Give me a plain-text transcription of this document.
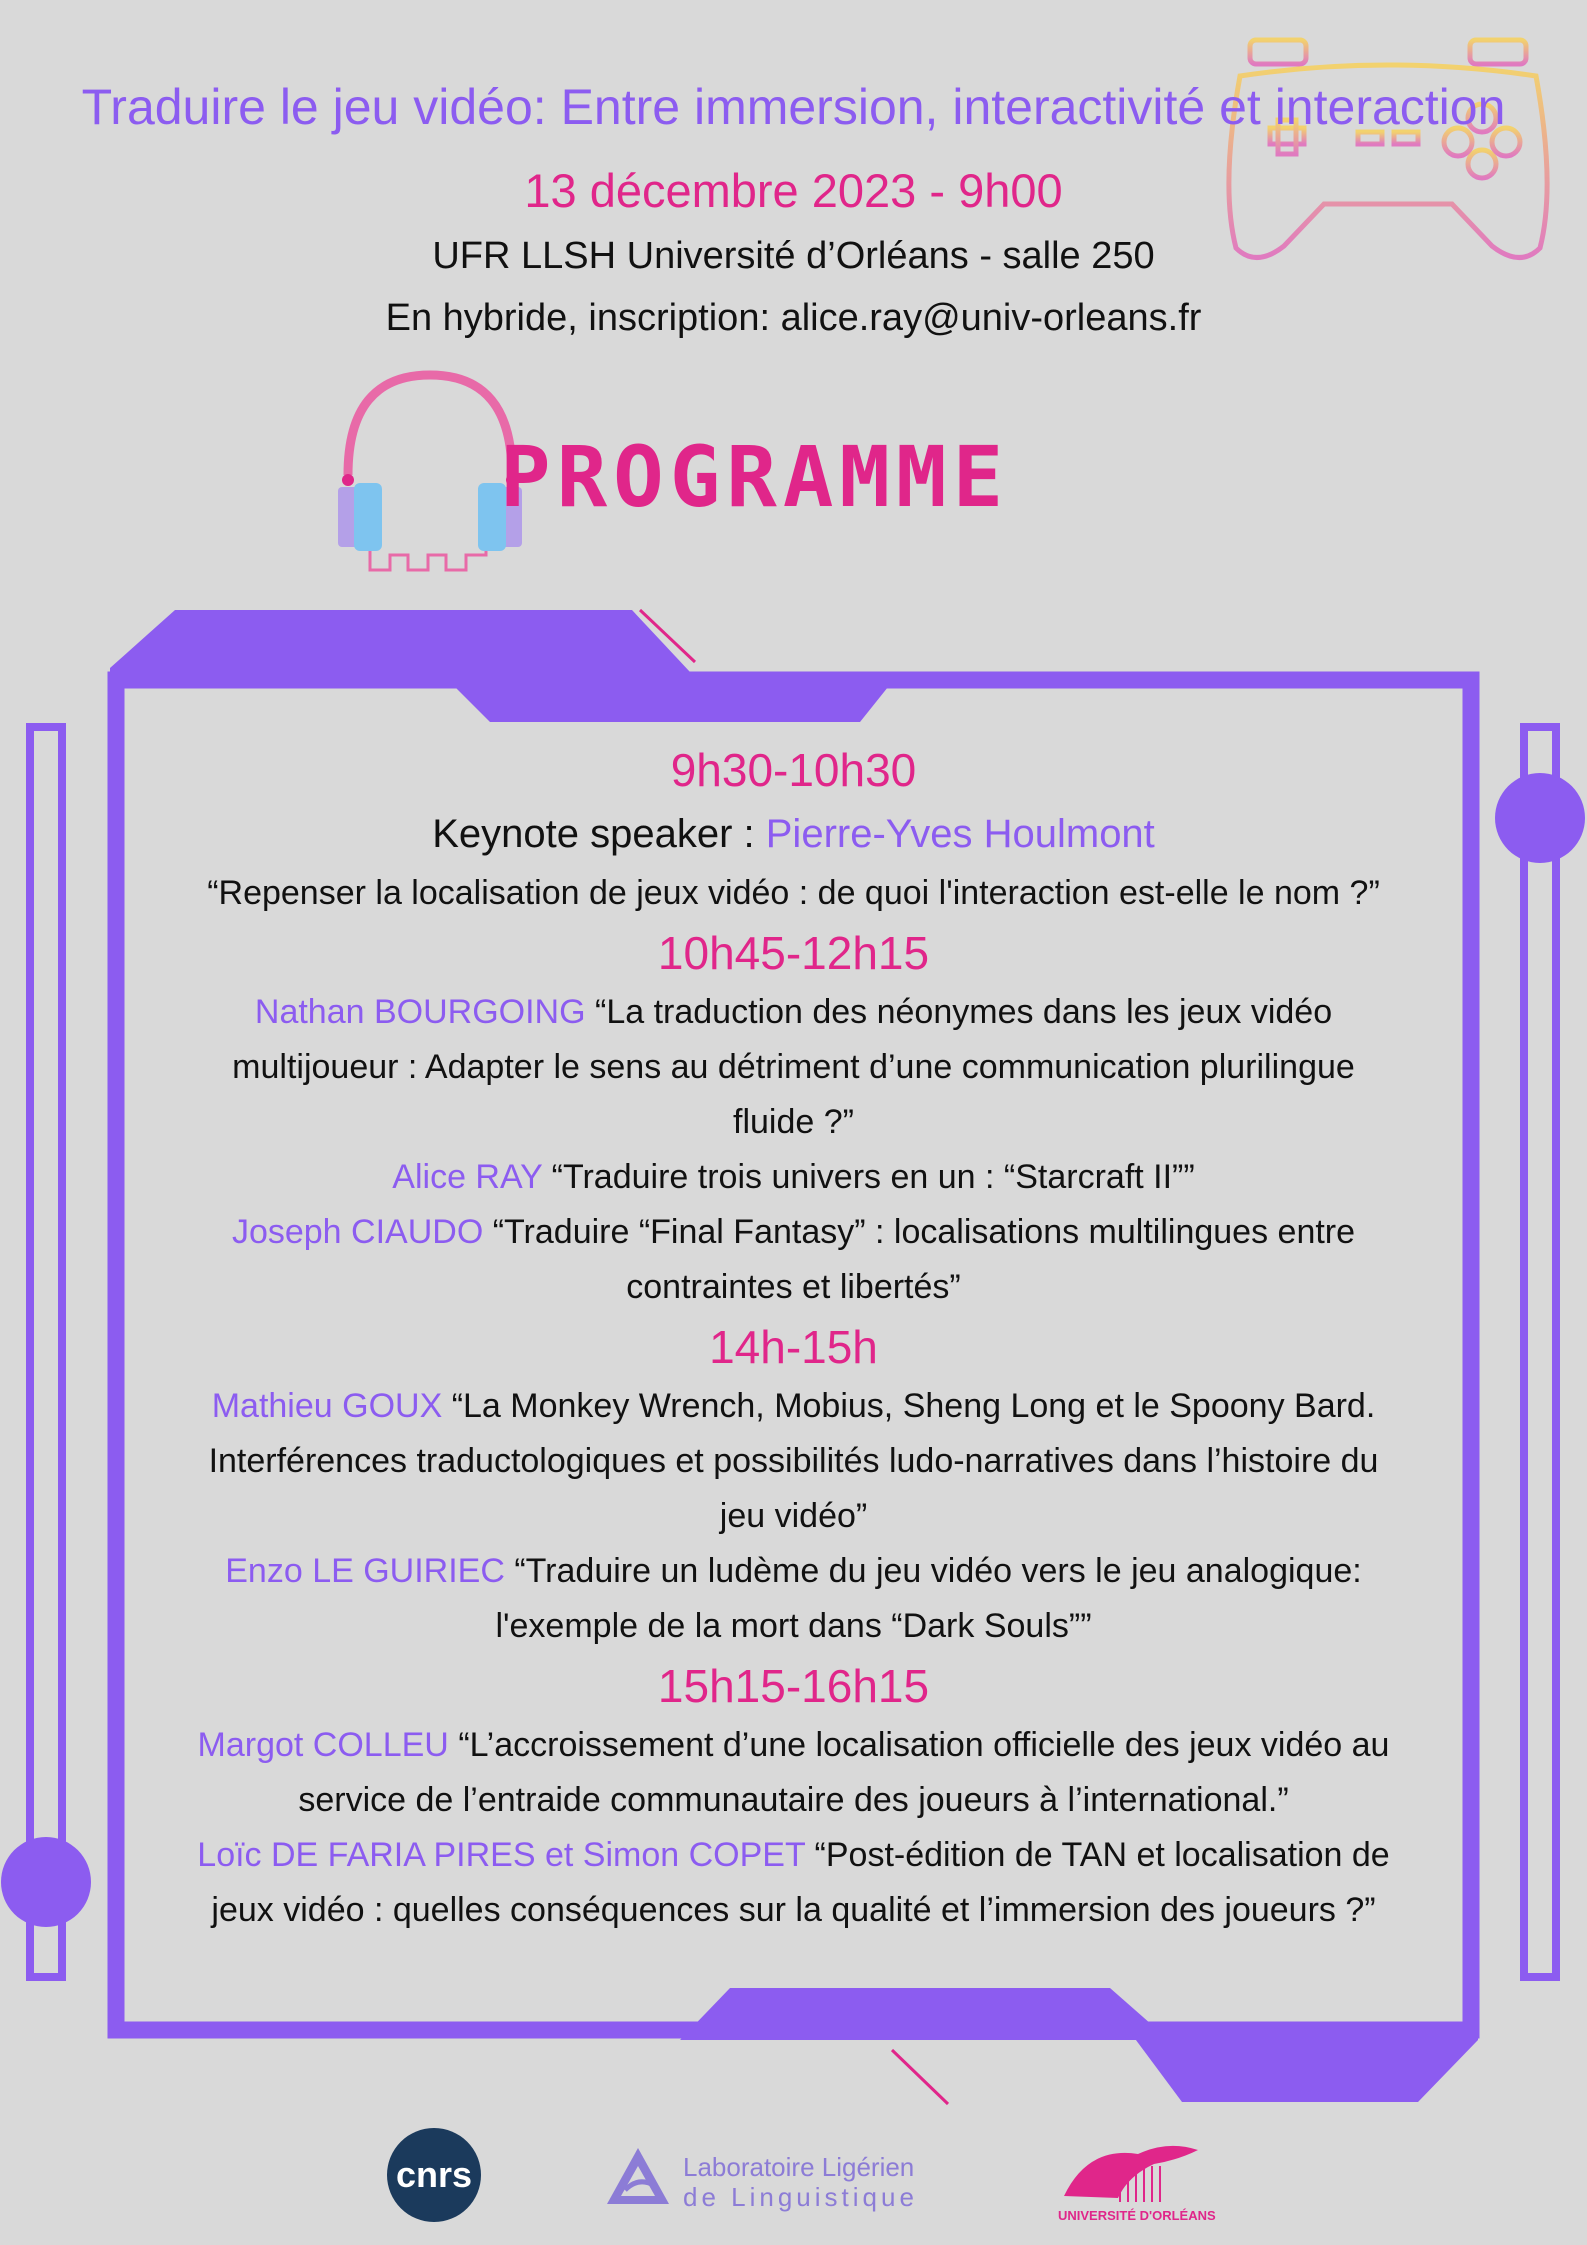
Traduire le jeu vidéo: Entre immersion, interactivité et interaction
13 décembre 2023 - 9h00
UFR LLSH Université d’Orléans - salle 250
En hybride, inscription: alice.ray@univ-orleans.fr
PROGRAMME
9h30-10h30
Keynote speaker : Pierre-Yves Houlmont
“Repenser la localisation de jeux vidéo : de quoi l'interaction est-elle le nom ?”
10h45-12h15
Nathan BOURGOING “La traduction des néonymes dans les jeux vidéo
multijoueur : Adapter le sens au détriment d’une communication plurilingue
fluide ?”
Alice RAY “Traduire trois univers en un : “Starcraft II””
Joseph CIAUDO “Traduire “Final Fantasy” : localisations multilingues entre
contraintes et libertés”
14h-15h
Mathieu GOUX “La Monkey Wrench, Mobius, Sheng Long et le Spoony Bard.
Interférences traductologiques et possibilités ludo-narratives dans l’histoire du
jeu vidéo”
Enzo LE GUIRIEC “Traduire un ludème du jeu vidéo vers le jeu analogique:
l'exemple de la mort dans “Dark Souls””
15h15-16h15
Margot COLLEU “L’accroissement d’une localisation officielle des jeux vidéo au
service de l’entraide communautaire des joueurs à l’international.”
Loïc DE FARIA PIRES et Simon COPET “Post-édition de TAN et localisation de
jeux vidéo : quelles conséquences sur la qualité et l’immersion des joueurs ?”
cnrs	Laboratoire Ligérien
de Linguistique
UNIVERSITÉ D'ORLÉANS
